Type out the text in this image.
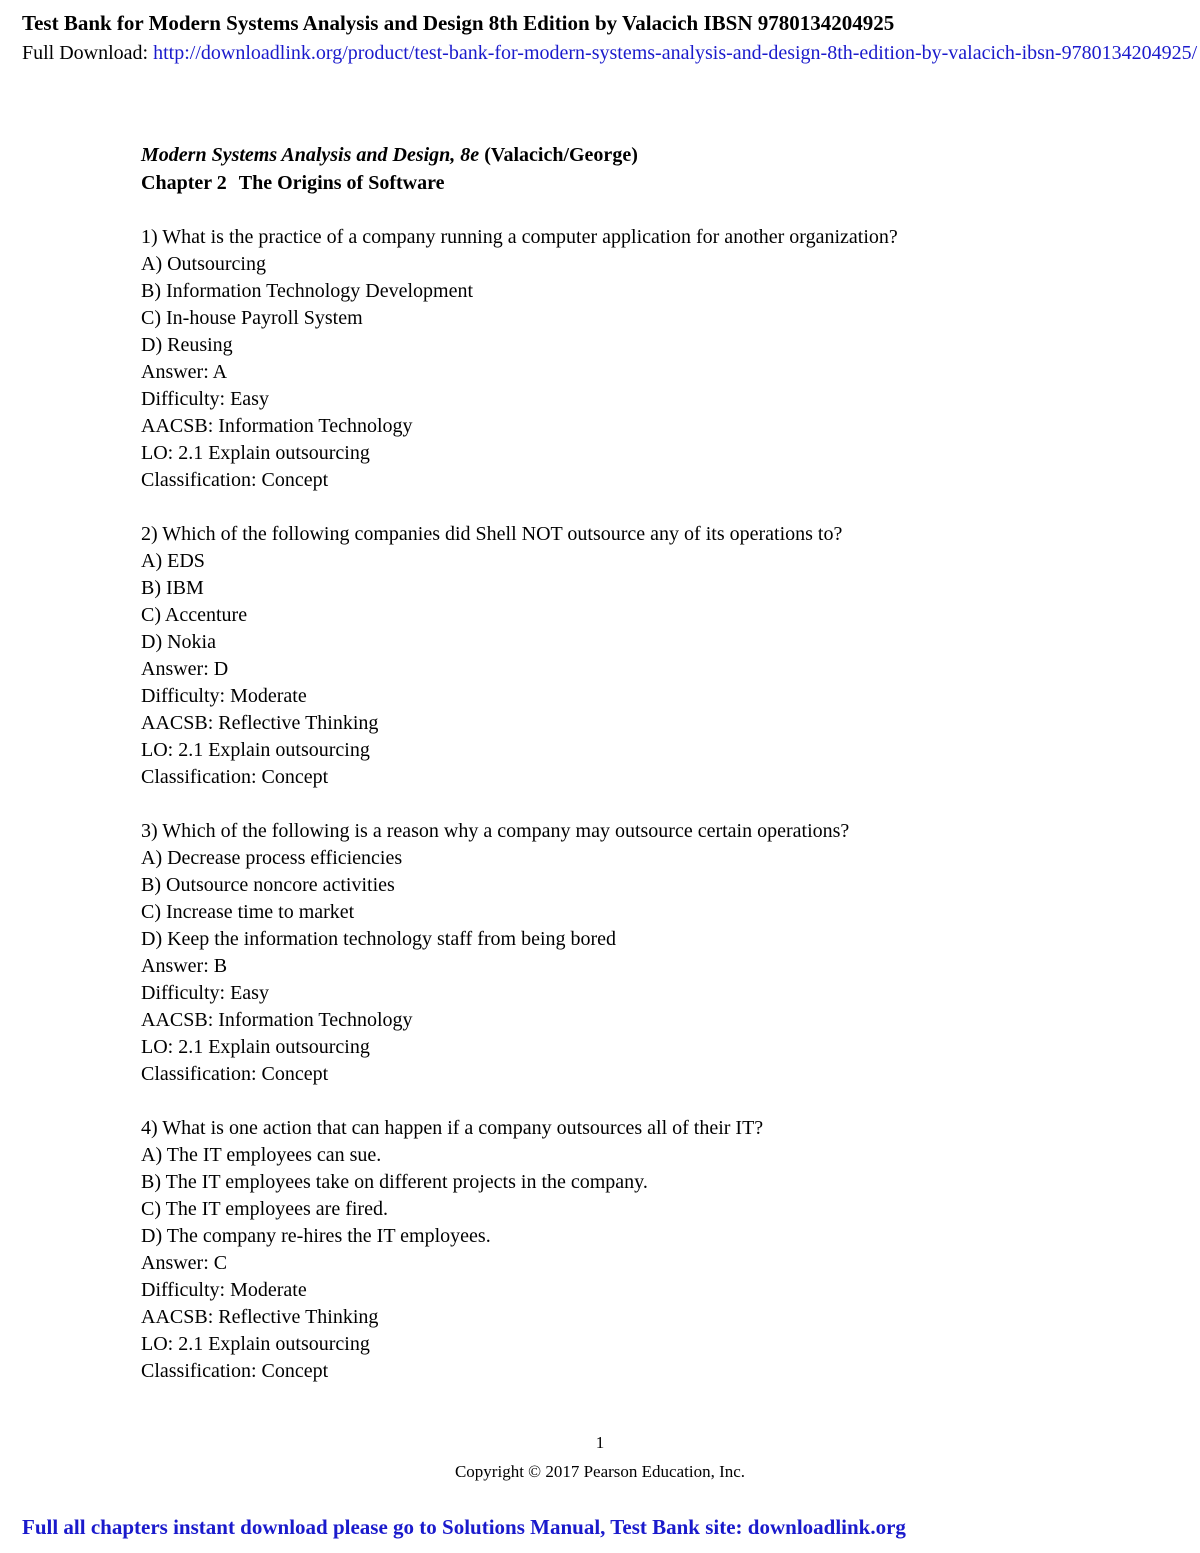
Test Bank for Modern Systems Analysis and Design 8th Edition by Valacich IBSN 9780134204925
Full Download: http://downloadlink.org/product/test-bank-for-modern-systems-analysis-and-design-8th-edition-by-valacich-ibsn-9780134204925/
Modern Systems Analysis and Design, 8e (Valacich/George)
Chapter 2 The Origins of Software
1) What is the practice of a company running a computer application for another organization?
A) Outsourcing
B) Information Technology Development
C) In-house Payroll System
D) Reusing
Answer: A
Difficulty: Easy
AACSB: Information Technology
LO: 2.1 Explain outsourcing
Classification: Concept
2) Which of the following companies did Shell NOT outsource any of its operations to?
A) EDS
B) IBM
C) Accenture
D) Nokia
Answer: D
Difficulty: Moderate
AACSB: Reflective Thinking
LO: 2.1 Explain outsourcing
Classification: Concept
3) Which of the following is a reason why a company may outsource certain operations?
A) Decrease process efficiencies
B) Outsource noncore activities
C) Increase time to market
D) Keep the information technology staff from being bored
Answer: B
Difficulty: Easy
AACSB: Information Technology
LO: 2.1 Explain outsourcing
Classification: Concept
4) What is one action that can happen if a company outsources all of their IT?
A) The IT employees can sue.
B) The IT employees take on different projects in the company.
C) The IT employees are fired.
D) The company re-hires the IT employees.
Answer: C
Difficulty: Moderate
AACSB: Reflective Thinking
LO: 2.1 Explain outsourcing
Classification: Concept
1
Copyright © 2017 Pearson Education, Inc.
Full all chapters instant download please go to Solutions Manual, Test Bank site: downloadlink.org
